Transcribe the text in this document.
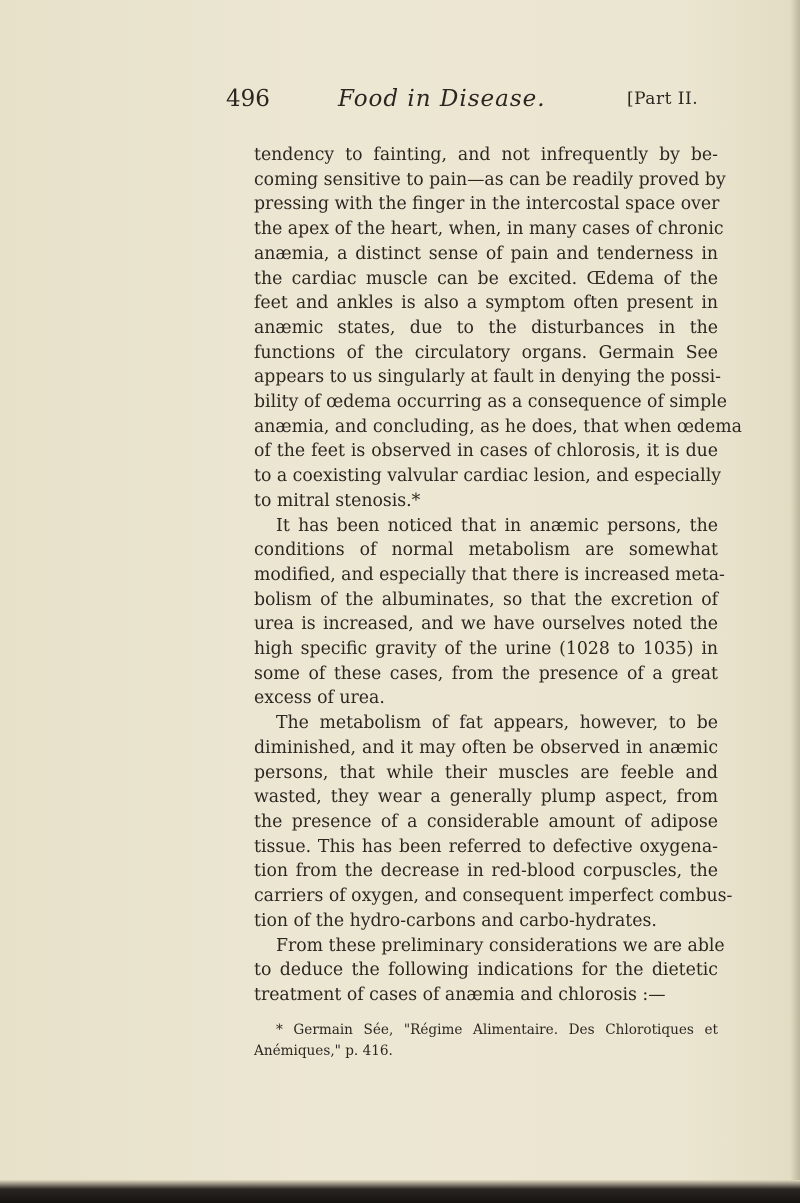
496	Food in Disease.	[Part II.
tendency to fainting, and not infrequently by be-
coming sensitive to pain—as can be readily proved by
pressing with the finger in the intercostal space over
the apex of the heart, when, in many cases of chronic
anæmia, a distinct sense of pain and tenderness in
the cardiac muscle can be excited. Œdema of the
feet and ankles is also a symptom often present in
anæmic states, due to the disturbances in the
functions of the circulatory organs. Germain See
appears to us singularly at fault in denying the possi-
bility of œdema occurring as a consequence of simple
anæmia, and concluding, as he does, that when œdema
of the feet is observed in cases of chlorosis, it is due
to a coexisting valvular cardiac lesion, and especially
to mitral stenosis.*
It has been noticed that in anæmic persons, the
conditions of normal metabolism are somewhat
modified, and especially that there is increased meta-
bolism of the albuminates, so that the excretion of
urea is increased, and we have ourselves noted the
high specific gravity of the urine (1028 to 1035) in
some of these cases, from the presence of a great
excess of urea.
The metabolism of fat appears, however, to be
diminished, and it may often be observed in anæmic
persons, that while their muscles are feeble and
wasted, they wear a generally plump aspect, from
the presence of a considerable amount of adipose
tissue. This has been referred to defective oxygena-
tion from the decrease in red-blood corpuscles, the
carriers of oxygen, and consequent imperfect combus-
tion of the hydro-carbons and carbo-hydrates.
From these preliminary considerations we are able
to deduce the following indications for the dietetic
treatment of cases of anæmia and chlorosis :—
* Germain Sée, "Régime Alimentaire. Des Chlorotiques et
Anémiques," p. 416.
